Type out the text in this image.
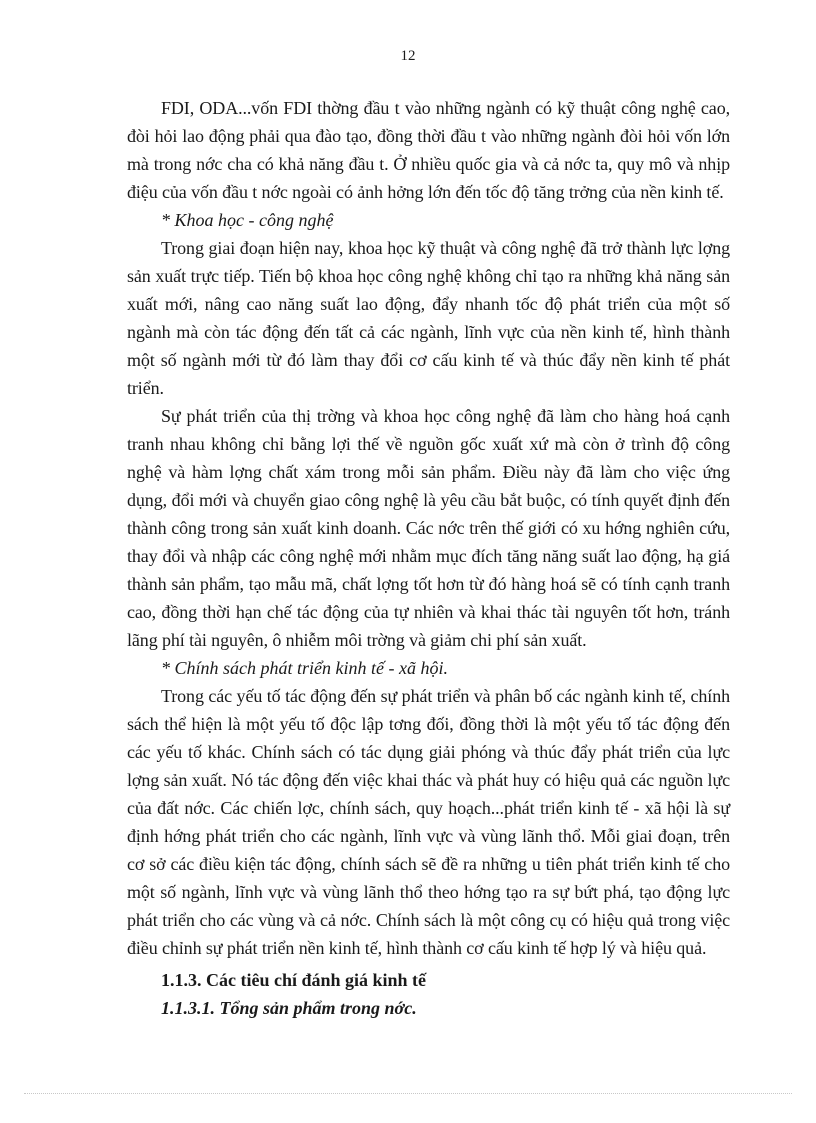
12

FDI, ODA...vốn FDI thờng đầu t vào những ngành có kỹ thuật công nghệ cao, đòi hỏi lao động phải qua đào tạo, đồng thời đầu t vào những ngành đòi hỏi vốn lớn mà trong nớc cha có khả năng đầu t. Ở nhiều quốc gia và cả nớc ta, quy mô và nhịp điệu của vốn đầu t nớc ngoài có ảnh hởng lớn đến tốc độ tăng trởng của nền kinh tế.

* Khoa học - công nghệ

Trong giai đoạn hiện nay, khoa học kỹ thuật và công nghệ đã trở thành lực lợng sản xuất trực tiếp. Tiến bộ khoa học công nghệ không chỉ tạo ra những khả năng sản xuất mới, nâng cao năng suất lao động, đẩy nhanh tốc độ phát triển của một số ngành mà còn tác động đến tất cả các ngành, lĩnh vực của nền kinh tế, hình thành một số ngành mới từ đó làm thay đổi cơ cấu kinh tế và thúc đẩy nền kinh tế phát triển.

Sự phát triển của thị trờng và khoa học công nghệ đã làm cho hàng hoá cạnh tranh nhau không chỉ bằng lợi thế về nguồn gốc xuất xứ mà còn ở trình độ công nghệ và hàm lợng chất xám trong mỗi sản phẩm. Điều này đã làm cho việc ứng dụng, đổi mới và chuyển giao công nghệ là yêu cầu bắt buộc, có tính quyết định đến thành công trong sản xuất kinh doanh. Các nớc trên thế giới có xu hớng nghiên cứu, thay đổi và nhập các công nghệ mới nhằm mục đích tăng năng suất lao động, hạ giá thành sản phẩm, tạo mẫu mã, chất lợng tốt hơn từ đó hàng hoá sẽ có tính cạnh tranh cao, đồng thời hạn chế tác động của tự nhiên và khai thác tài nguyên tốt hơn, tránh lãng phí tài nguyên, ô nhiễm môi trờng và giảm chi phí sản xuất.

* Chính sách phát triển kinh tế - xã hội.

Trong các yếu tố tác động đến sự phát triển và phân bố các ngành kinh tế, chính sách thể hiện là một yếu tố độc lập tơng đối, đồng thời là một yếu tố tác động đến các yếu tố khác. Chính sách có tác dụng giải phóng và thúc đẩy phát triển của lực lợng sản xuất. Nó tác động đến việc khai thác và phát huy có hiệu quả các nguồn lực của đất nớc. Các chiến lợc, chính sách, quy hoạch...phát triển kinh tế - xã hội là sự định hớng phát triển cho các ngành, lĩnh vực và vùng lãnh thổ. Mỗi giai đoạn, trên cơ sở các điều kiện tác động, chính sách sẽ đề ra những u tiên phát triển kinh tế cho một số ngành, lĩnh vực và vùng lãnh thổ theo hớng tạo ra sự bứt phá, tạo động lực phát triển cho các vùng và cả nớc. Chính sách là một công cụ có hiệu quả trong việc điều chỉnh sự phát triển nền kinh tế, hình thành cơ cấu kinh tế hợp lý và hiệu quả.

1.1.3. Các tiêu chí đánh giá kinh tế

1.1.3.1. Tổng sản phẩm trong nớc.
